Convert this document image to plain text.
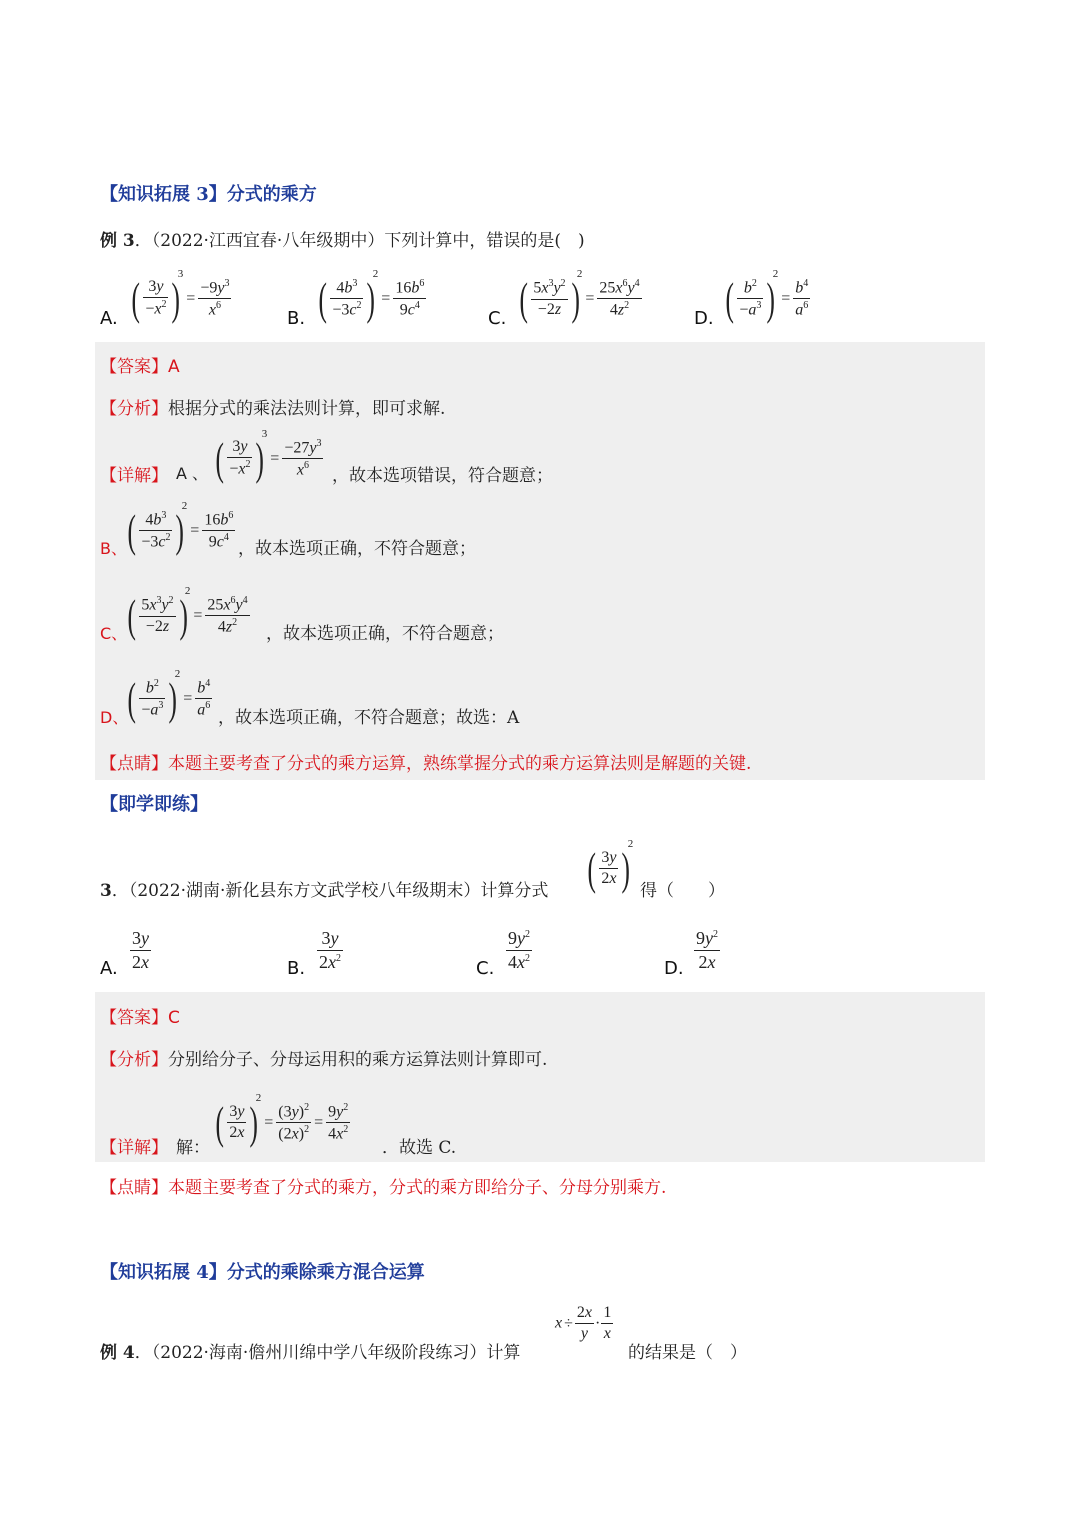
【知识拓展 3】分式的乘方
例 3．（2022·江西宜春·八年级期中）下列计算中，错误的是(　)
A. ( $\frac{3y}{-x^2} )^3= \frac{-9y^3}{x^6}$	B. ( $\frac{4b^3}{-3c^2} )^2= \frac{16b^6}{9c^4}$	C. ( $\frac{5x^3y^2}{-2z} )^2= \frac{25x^6y^4}{4z^2}$	D. ( $\frac{b^2}{-a^3} )^2= \frac{b^4}{a^6}$
【答案】A
【分析】根据分式的乘法法则计算，即可求解.
【详解】 A 、 ( $\frac{3y}{-x^2} )^3= \frac{-27y^3}{x^6}$ ，故本选项错误，符合题意；
B、 ( $\frac{4b^3}{-3c^2} )^2= \frac{16b^6}{9c^4}$ ，故本选项正确，不符合题意；
C、 ( $\frac{5x^3y^2}{-2z} )^2= \frac{25x^6y^4}{4z^2}$ ，故本选项正确，不符合题意；
D、 ( $\frac{b^2}{-a^3} )^2= \frac{b^4}{a^6}$ ，故本选项正确，不符合题意；故选：A
【点睛】本题主要考查了分式的乘方运算，熟练掌握分式的乘方运算法则是解题的关键.
【即学即练】
3．（2022·湖南·新化县东方文武学校八年级期末）计算分式 ( $\frac{3y}{2x} )^2$
得（　　）
A. $\frac{3y}{2x}$	B. $\frac{3y}{2x^2}$	C. $\frac{9y^2}{4x^2}$	D. $\frac{9y^2}{2x}$
【答案】C
【分析】分别给分子、分母运用积的乘方运算法则计算即可.
【详解】 解：
( $\frac{3y}{2x} )^2= \frac{(3y)^2}{(2x)^2} = \frac{9y^2}{4x^2}$
．故选 C.
【点睛】本题主要考查了分式的乘方，分式的乘方即给分子、分母分别乘方.
【知识拓展 4】分式的乘除乘方混合运算
例 4．（2022·海南·儋州川绵中学八年级阶段练习）计算
$x \div \frac{2x}{y} \cdot \frac{1}{x}$
的结果是（　）
